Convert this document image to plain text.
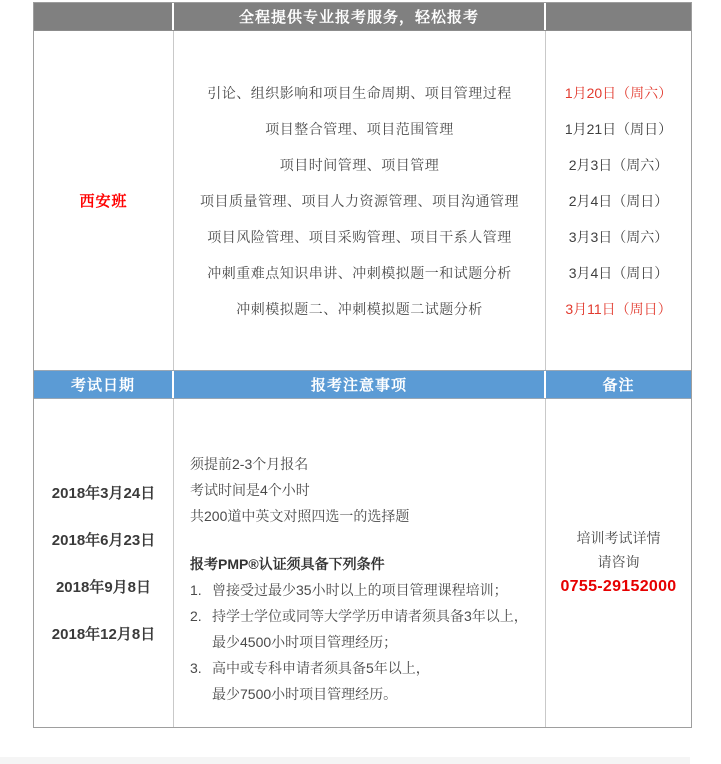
全程提供专业报考服务，轻松报考
西安班
引论、组织影响和项目生命周期、项目管理过程
项目整合管理、项目范围管理
项目时间管理、项目管理
项目质量管理、项目人力资源管理、项目沟通管理
项目风险管理、项目采购管理、项目干系人管理
冲刺重难点知识串讲、冲刺模拟题一和试题分析
冲刺模拟题二、冲刺模拟题二试题分析
1月20日（周六）
1月21日（周日）
2月3日（周六）
2月4日（周日）
3月3日（周六）
3月4日（周日）
3月11日（周日）
考试日期	报考注意事项	备注
2018年3月24日
2018年6月23日
2018年9月8日
2018年12月8日
须提前2-3个月报名
考试时间是4个小时
共200道中英文对照四选一的选择题
报考PMP®认证须具备下列条件
1. 曾接受过最少35小时以上的项目管理课程培训；
2. 持学士学位或同等大学学历申请者须具备3年以上，
最少4500小时项目管理经历；
3. 高中或专科申请者须具备5年以上，
最少7500小时项目管理经历。
培训考试详情
请咨询
0755-29152000
